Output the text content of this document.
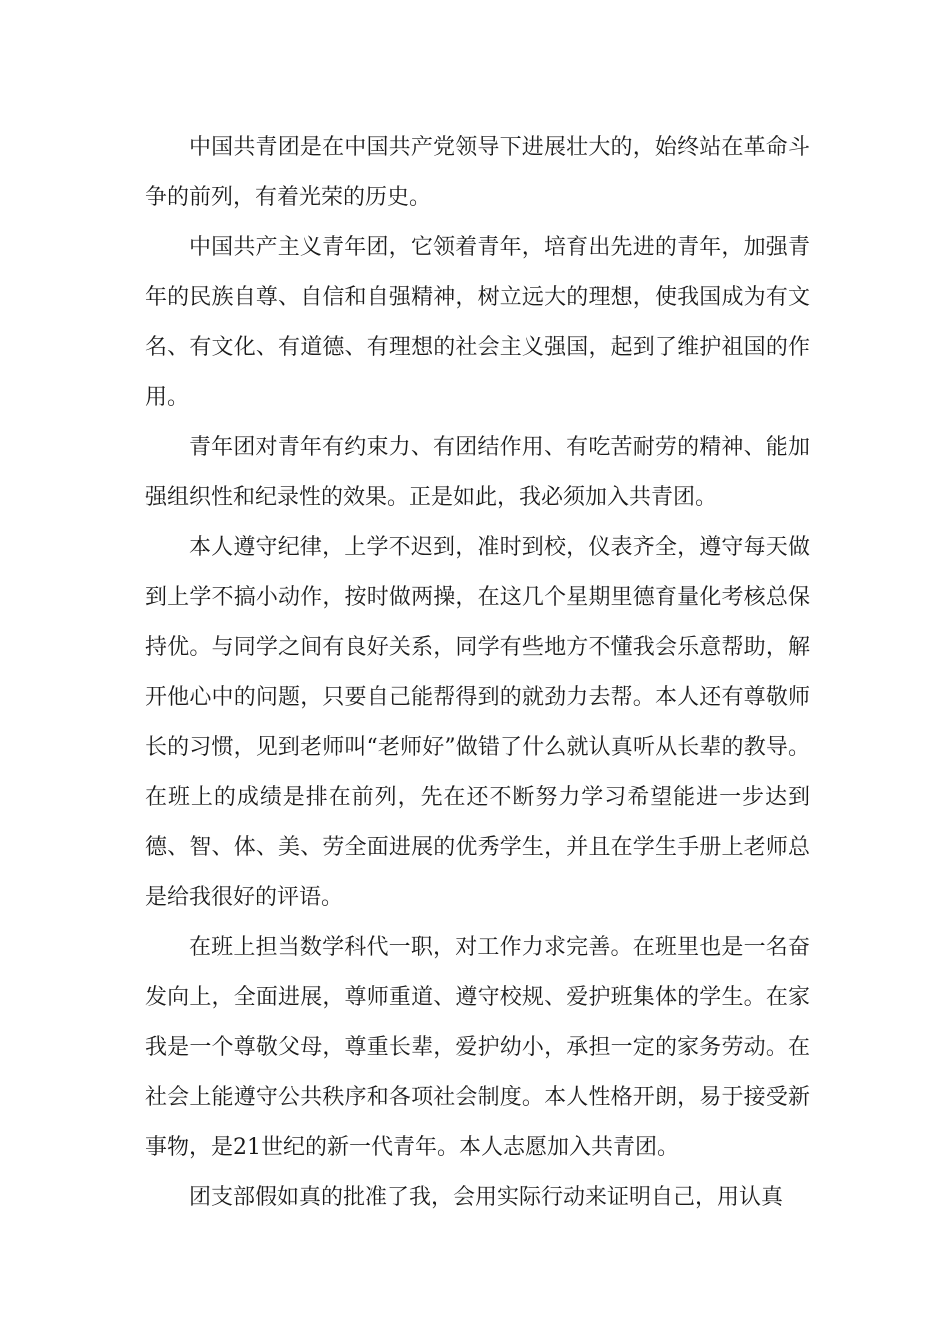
中国共青团是在中国共产党领导下进展壮大的，始终站在革命斗争的前列，有着光荣的历史。

中国共产主义青年团，它领着青年，培育出先进的青年，加强青年的民族自尊、自信和自强精神，树立远大的理想，使我国成为有文名、有文化、有道德、有理想的社会主义强国，起到了维护祖国的作用。

青年团对青年有约束力、有团结作用、有吃苦耐劳的精神、能加强组织性和纪录性的效果。正是如此，我必须加入共青团。

本人遵守纪律，上学不迟到，准时到校，仪表齐全，遵守每天做到上学不搞小动作，按时做两操，在这几个星期里德育量化考核总保持优。与同学之间有良好关系，同学有些地方不懂我会乐意帮助，解开他心中的问题，只要自己能帮得到的就劲力去帮。本人还有尊敬师长的习惯，见到老师叫“老师好”做错了什么就认真听从长辈的教导。在班上的成绩是排在前列，先在还不断努力学习希望能进一步达到德、智、体、美、劳全面进展的优秀学生，并且在学生手册上老师总是给我很好的评语。

在班上担当数学科代一职，对工作力求完善。在班里也是一名奋发向上，全面进展，尊师重道、遵守校规、爱护班集体的学生。在家我是一个尊敬父母，尊重长辈，爱护幼小，承担一定的家务劳动。在社会上能遵守公共秩序和各项社会制度。本人性格开朗，易于接受新事物，是21世纪的新一代青年。本人志愿加入共青团。

团支部假如真的批准了我，会用实际行动来证明自己，用认真
